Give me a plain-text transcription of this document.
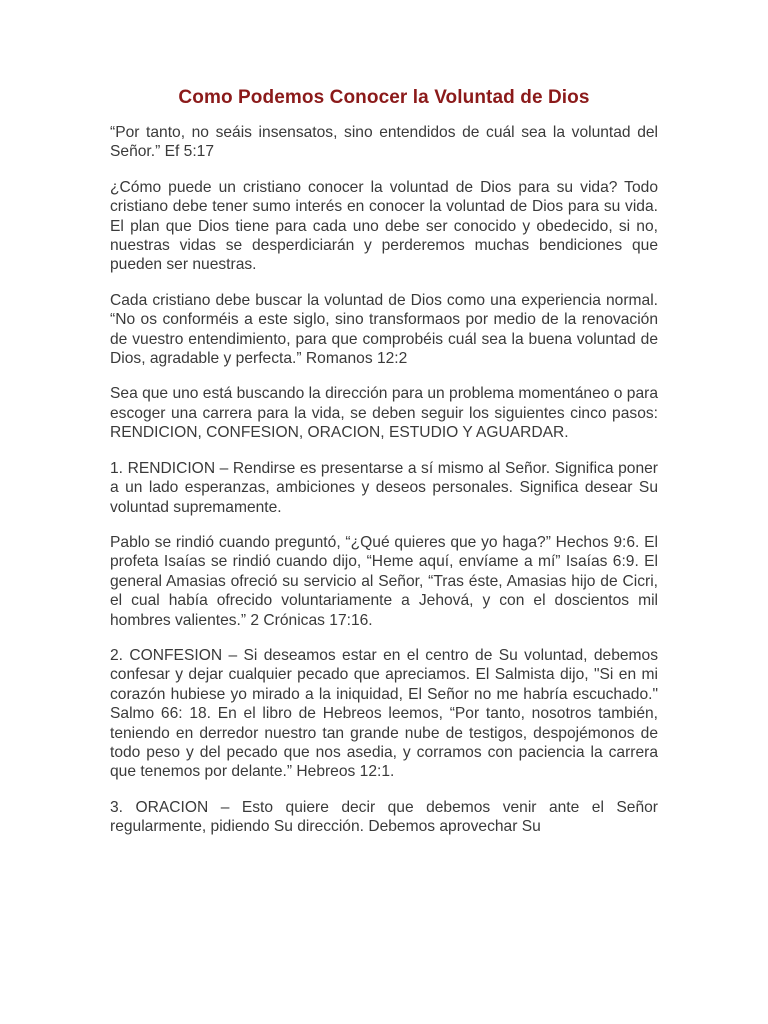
Como Podemos Conocer la Voluntad de Dios

“Por tanto, no seáis insensatos, sino entendidos de cuál sea la voluntad del Señor.” Ef 5:17

¿Cómo puede un cristiano conocer la voluntad de Dios para su vida? Todo cristiano debe tener sumo interés en conocer la voluntad de Dios para su vida. El plan que Dios tiene para cada uno debe ser conocido y obedecido, si no, nuestras vidas se desperdiciarán y perderemos muchas bendiciones que pueden ser nuestras.

Cada cristiano debe buscar la voluntad de Dios como una experiencia normal. “No os conforméis a este siglo, sino transformaos por medio de la renovación de vuestro entendimiento, para que comprobéis cuál sea la buena voluntad de Dios, agradable y perfecta.” Romanos 12:2

Sea que uno está buscando la dirección para un problema momentáneo o para escoger una carrera para la vida, se deben seguir los siguientes cinco pasos: RENDICION, CONFESION, ORACION, ESTUDIO Y AGUARDAR.

1. RENDICION – Rendirse es presentarse a sí mismo al Señor. Significa poner a un lado esperanzas, ambiciones y deseos personales. Significa desear Su voluntad supremamente.

Pablo se rindió cuando preguntó, “¿Qué quieres que yo haga?” Hechos 9:6. El profeta Isaías se rindió cuando dijo, “Heme aquí, envíame a mí” Isaías 6:9. El general Amasias ofreció su servicio al Señor, “Tras éste, Amasias hijo de Cicri, el cual había ofrecido voluntariamente a Jehová, y con el doscientos mil hombres valientes.” 2 Crónicas 17:16.

2. CONFESION – Si deseamos estar en el centro de Su voluntad, debemos confesar y dejar cualquier pecado que apreciamos. El Salmista dijo, "Si en mi corazón hubiese yo mirado a la iniquidad, El Señor no me habría escuchado." Salmo 66: 18. En el libro de Hebreos leemos, “Por tanto, nosotros también, teniendo en derredor nuestro tan grande nube de testigos, despojémonos de todo peso y del pecado que nos asedia, y corramos con paciencia la carrera que tenemos por delante.” Hebreos 12:1.

3. ORACION – Esto quiere decir que debemos venir ante el Señor regularmente, pidiendo Su dirección. Debemos aprovechar Su
